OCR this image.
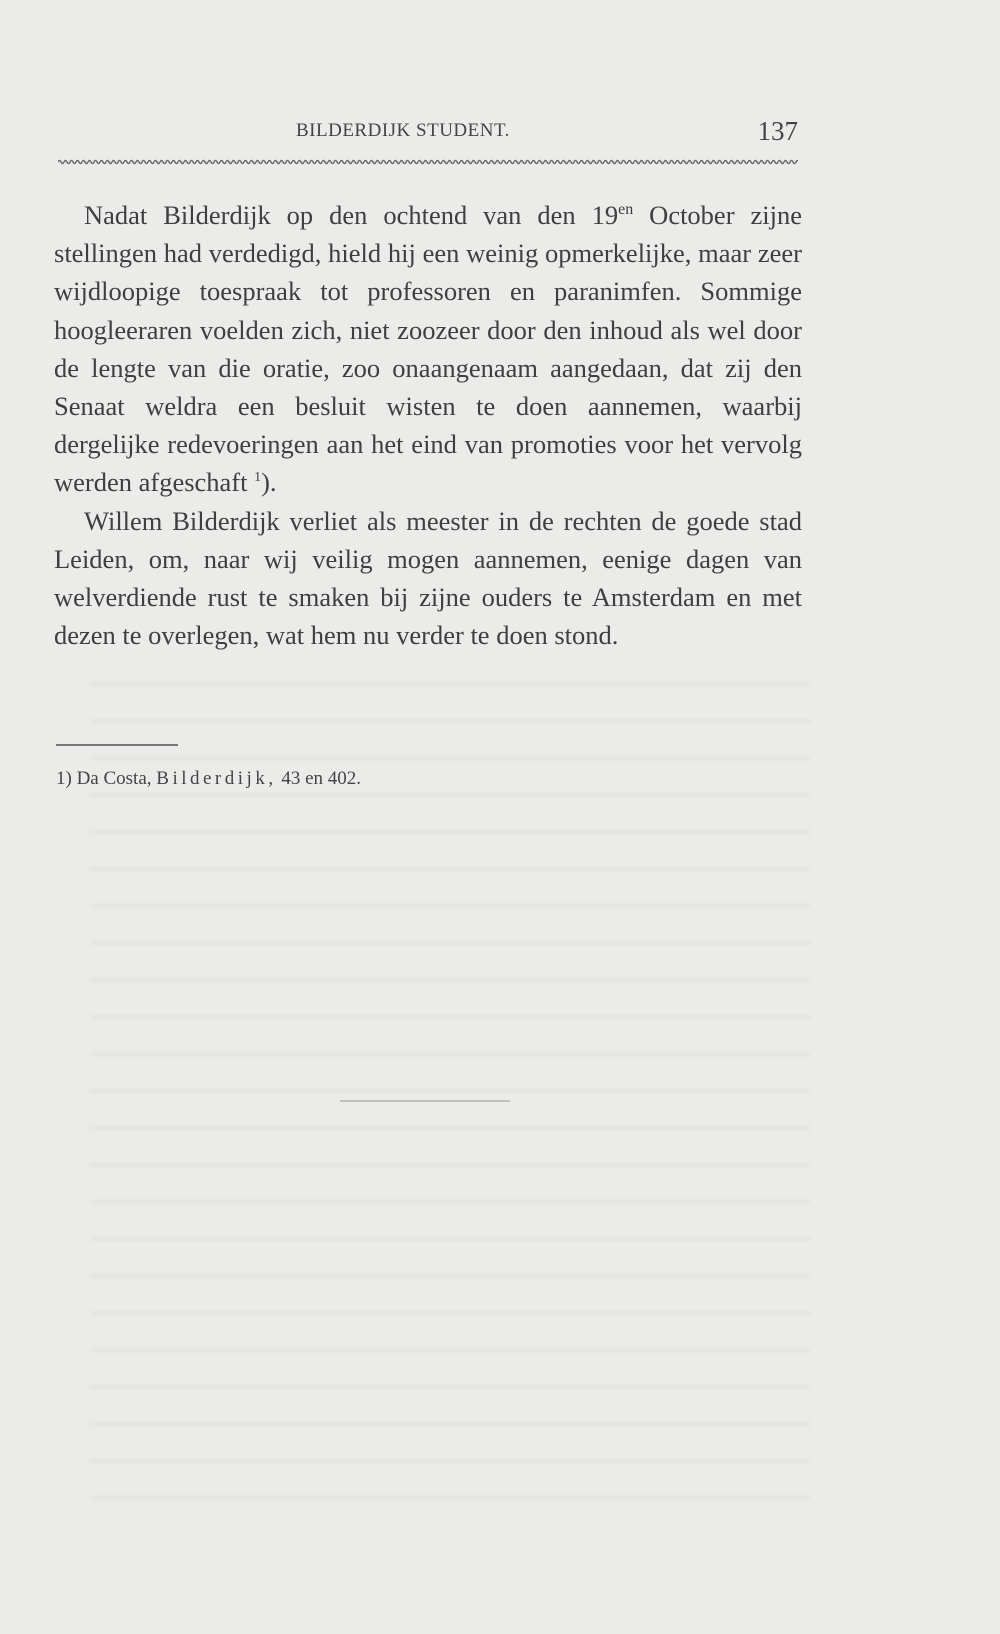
BILDERDIJK STUDENT.	137

Nadat Bilderdijk op den ochtend van den $19^{en}$ October zijne stellingen had verdedigd, hield hij een weinig opmerkelijke, maar zeer wijdloopige toespraak tot professoren en paranimfen. Sommige hoogleeraren voelden zich, niet zoozeer door den inhoud als wel door de lengte van die oratie, zoo onaangenaam aangedaan, dat zij den Senaat weldra een besluit wisten te doen aannemen, waarbij dergelijke redevoeringen aan het eind van promoties voor het vervolg werden afgeschaft $^1$).

Willem Bilderdijk verliet als meester in de rechten de goede stad Leiden, om, naar wij veilig mogen aannemen, eenige dagen van welverdiende rust te smaken bij zijne ouders te Amsterdam en met dezen te overlegen, wat hem nu verder te doen stond.

1) Da Costa, Bilderdijk, 43 en 402.
